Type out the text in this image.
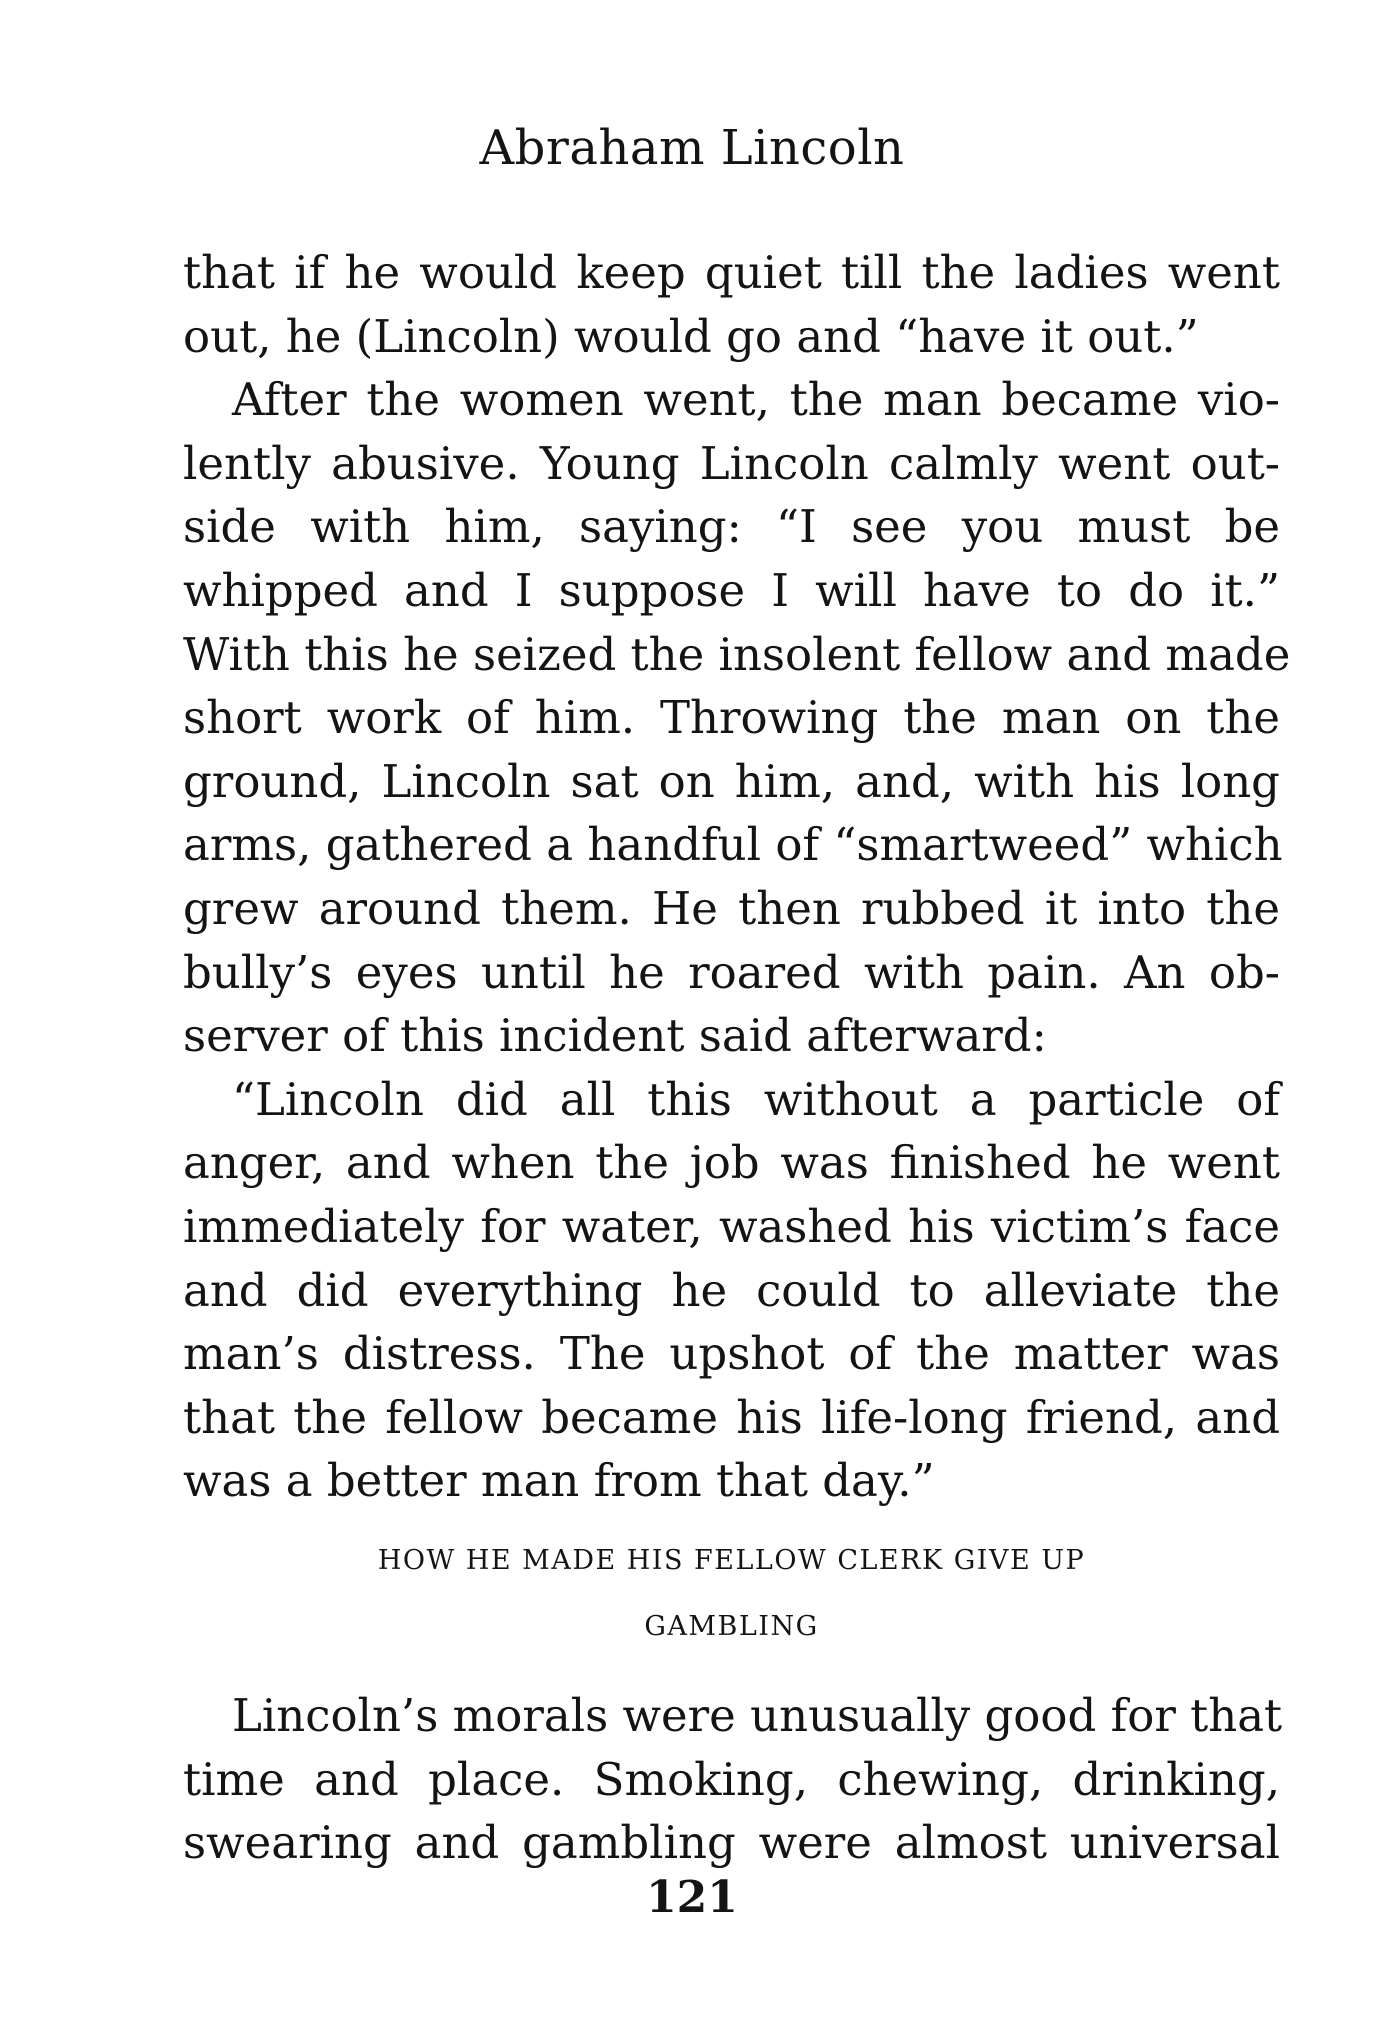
Abraham Lincoln
that if he would keep quiet till the ladies went
out, he (Lincoln) would go and “have it out.”
After the women went, the man became vio-
lently abusive. Young Lincoln calmly went out-
side with him, saying: “I see you must be
whipped and I suppose I will have to do it.”
With this he seized the insolent fellow and made
short work of him. Throwing the man on the
ground, Lincoln sat on him, and, with his long
arms, gathered a handful of “smartweed” which
grew around them. He then rubbed it into the
bully’s eyes until he roared with pain. An ob-
server of this incident said afterward:
“Lincoln did all this without a particle of
anger, and when the job was finished he went
immediately for water, washed his victim’s face
and did everything he could to alleviate the
man’s distress. The upshot of the matter was
that the fellow became his life-long friend, and
was a better man from that day.”
HOW HE MADE HIS FELLOW CLERK GIVE UP
GAMBLING
Lincoln’s morals were unusually good for that
time and place. Smoking, chewing, drinking,
swearing and gambling were almost universal
121
